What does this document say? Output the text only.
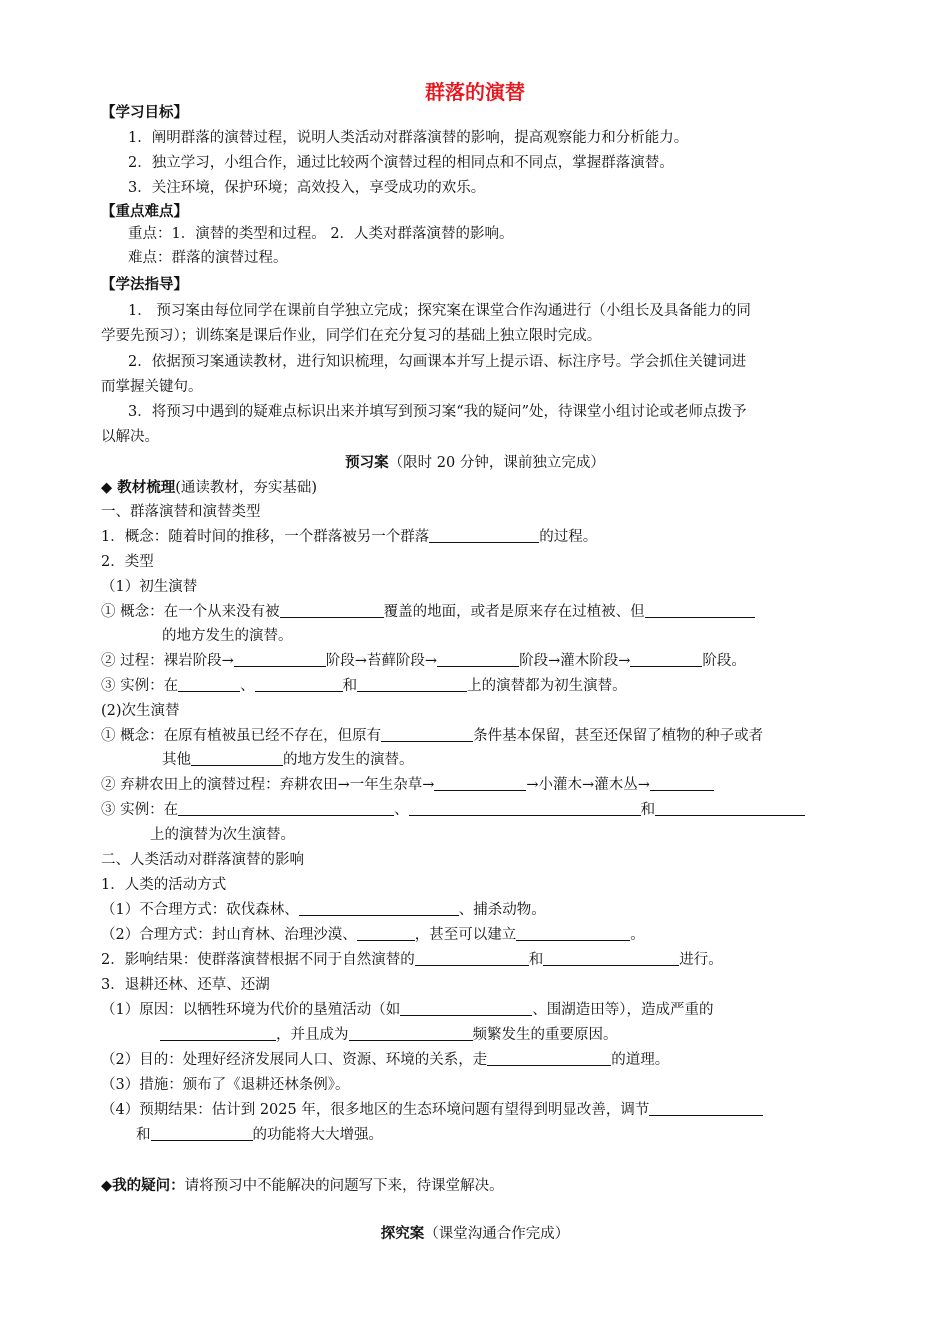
群落的演替
【学习目标】
1．阐明群落的演替过程，说明人类活动对群落演替的影响，提高观察能力和分析能力。
2．独立学习，小组合作，通过比较两个演替过程的相同点和不同点，掌握群落演替。
3．关注环境，保护环境；高效投入，享受成功的欢乐。
【重点难点】
重点：1．演替的类型和过程。 2．人类对群落演替的影响。
难点：群落的演替过程。
【学法指导】
1． 预习案由每位同学在课前自学独立完成；探究案在课堂合作沟通进行（小组长及具备能力的同
学要先预习）；训练案是课后作业，同学们在充分复习的基础上独立限时完成。
2．依据预习案通读教材，进行知识梳理，勾画课本并写上提示语、标注序号。学会抓住关键词进
而掌握关键句。
3．将预习中遇到的疑难点标识出来并填写到预习案“我的疑问”处，待课堂小组讨论或老师点拨予
以解决。
预习案（限时 20 分钟，课前独立完成）
◆ 教材梳理(通读教材，夯实基础)
一、群落演替和演替类型
1．概念：随着时间的推移，一个群落被另一个群落	的过程。
2．类型
（1）初生演替
① 概念：在一个从来没有被	覆盖的地面，或者是原来存在过植被、但
的地方发生的演替。
② 过程：裸岩阶段→	阶段→苔藓阶段→	阶段→灌木阶段→	阶段。
③ 实例：在	、	和	上的演替都为初生演替。
(2)次生演替
① 概念：在原有植被虽已经不存在，但原有	条件基本保留，甚至还保留了植物的种子或者
其他	的地方发生的演替。
② 弃耕农田上的演替过程：弃耕农田→一年生杂草→	→小灌木→灌木丛→
③ 实例：在	、	和
上的演替为次生演替。
二、人类活动对群落演替的影响
1．人类的活动方式
（1）不合理方式：砍伐森林、	、捕杀动物。
（2）合理方式：封山育林、治理沙漠、	，甚至可以建立	。
2．影响结果：使群落演替根据不同于自然演替的	和	进行。
3．退耕还林、还草、还湖
（1）原因：以牺牲环境为代价的垦殖活动（如	、围湖造田等），造成严重的
，并且成为	频繁发生的重要原因。
（2）目的：处理好经济发展同人口、资源、环境的关系，走	的道理。
（3）措施：颁布了《退耕还林条例》。
（4）预期结果：估计到 2025 年，很多地区的生态环境问题有望得到明显改善，调节
和	的功能将大大增强。
◆我的疑问：请将预习中不能解决的问题写下来，待课堂解决。
探究案（课堂沟通合作完成）
